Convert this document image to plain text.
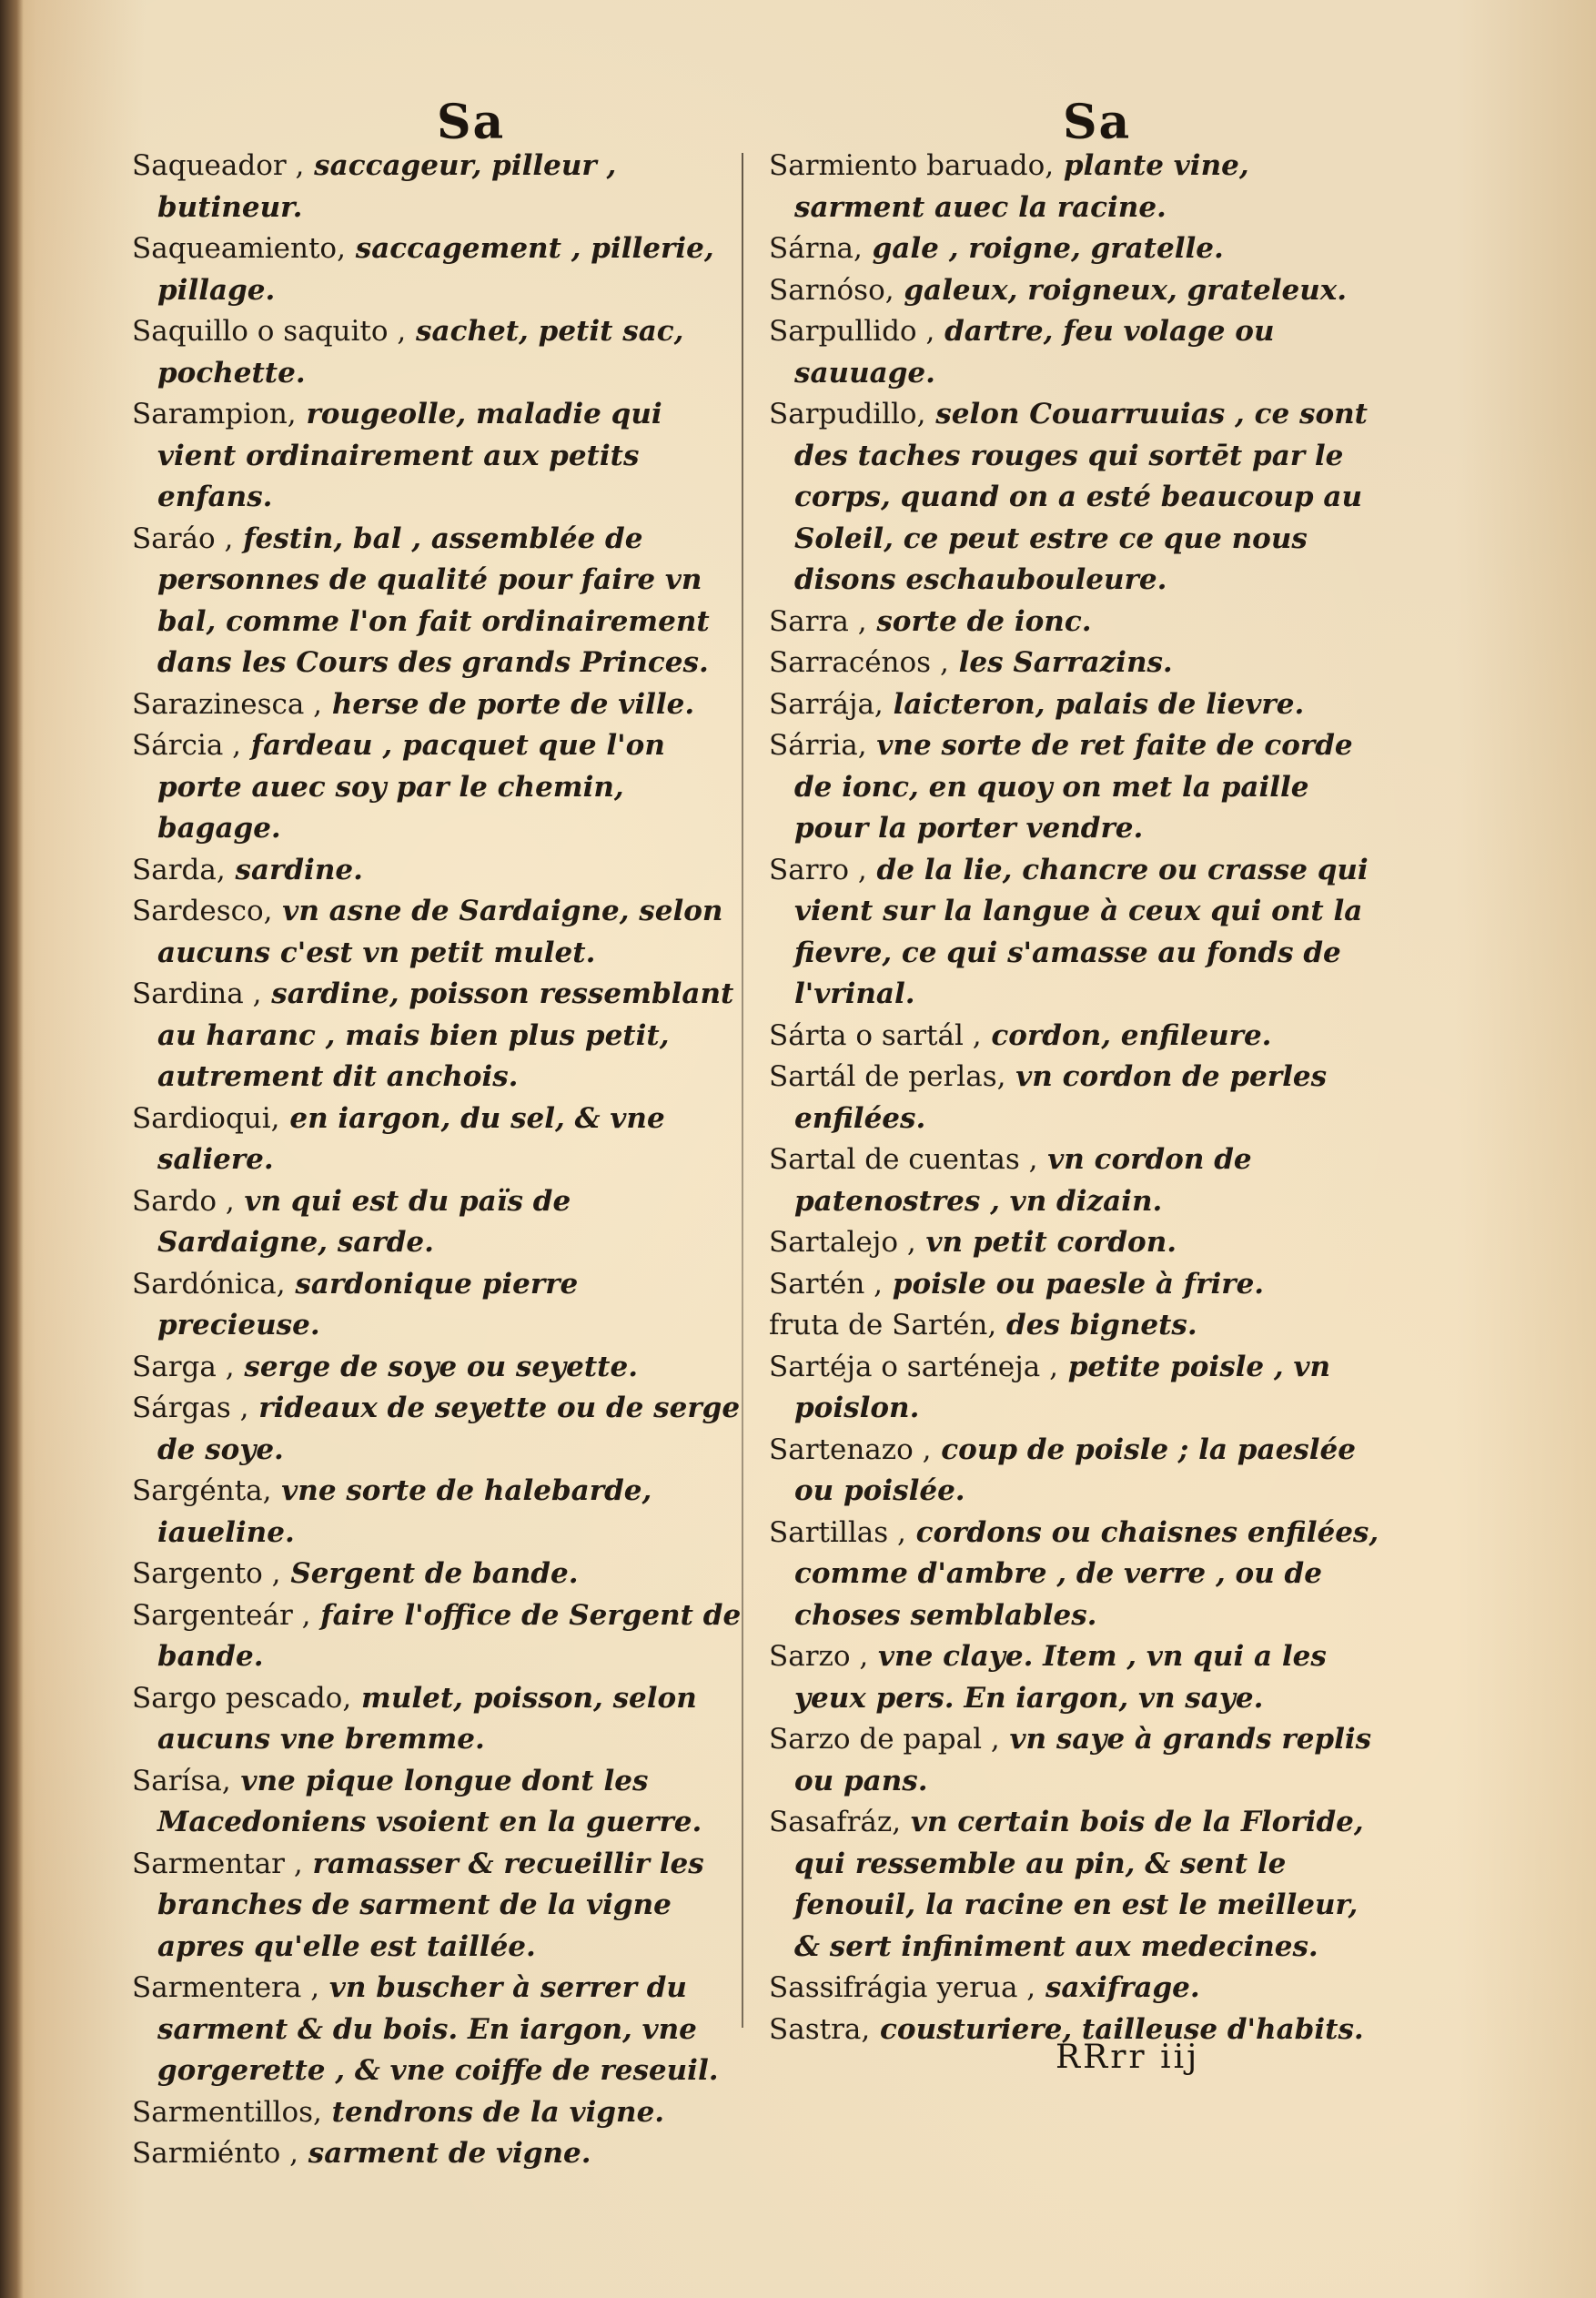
Sa	Sa

Saqueador , saccageur, pilleur , butineur.

Saqueamiento, saccagement , pillerie, pillage.

Saquillo o saquito , sachet, petit sac, pochette.

Sarampion, rougeolle, maladie qui vient ordinairement aux petits enfans.

Saráo , festin, bal , assemblée de personnes de qualité pour faire vn bal, comme l'on fait ordinairement dans les Cours des grands Princes.

Sarazinesca , herse de porte de ville.

Sárcia , fardeau , pacquet que l'on porte auec soy par le chemin, bagage.

Sarda, sardine.

Sardesco, vn asne de Sardaigne, selon aucuns c'est vn petit mulet.

Sardina , sardine, poisson ressemblant au haranc , mais bien plus petit, autrement dit anchois.

Sardioqui, en iargon, du sel, & vne saliere.

Sardo , vn qui est du païs de Sardaigne, sarde.

Sardónica, sardonique pierre precieuse.

Sarga , serge de soye ou seyette.

Sárgas , rideaux de seyette ou de serge de soye.

Sargénta, vne sorte de halebarde, iaueline.

Sargento , Sergent de bande.

Sargenteár , faire l'office de Sergent de bande.

Sargo pescado, mulet, poisson, selon aucuns vne bremme.

Sarísa, vne pique longue dont les Macedoniens vsoient en la guerre.

Sarmentar , ramasser & recueillir les branches de sarment de la vigne apres qu'elle est taillée.

Sarmentera , vn buscher à serrer du sarment & du bois. En iargon, vne gorgerette , & vne coiffe de reseuil.

Sarmentillos, tendrons de la vigne.

Sarmiénto , sarment de vigne.

Sarmiento baruado, plante vine, sarment auec la racine.

Sárna, gale , roigne, gratelle.

Sarnóso, galeux, roigneux, grateleux.

Sarpullido , dartre, feu volage ou sauuage.

Sarpudillo, selon Couarruuias , ce sont des taches rouges qui sortēt par le corps, quand on a esté beaucoup au Soleil, ce peut estre ce que nous disons eschaubouleure.

Sarra , sorte de ionc.

Sarracénos , les Sarrazins.

Sarrája, laicteron, palais de lievre.

Sárria, vne sorte de ret faite de corde de ionc, en quoy on met la paille pour la porter vendre.

Sarro , de la lie, chancre ou crasse qui vient sur la langue à ceux qui ont la fievre, ce qui s'amasse au fonds de l'vrinal.

Sárta o sartál , cordon, enfileure.

Sartál de perlas, vn cordon de perles enfilées.

Sartal de cuentas , vn cordon de patenostres , vn dizain.

Sartalejo , vn petit cordon.

Sartén , poisle ou paesle à frire.

fruta de Sartén, des bignets.

Sartéja o sarténeja , petite poisle , vn poislon.

Sartenazo , coup de poisle ; la paeslée ou poislée.

Sartillas , cordons ou chaisnes enfilées, comme d'ambre , de verre , ou de choses semblables.

Sarzo , vne claye. Item , vn qui a les yeux pers. En iargon, vn saye.

Sarzo de papal , vn saye à grands replis ou pans.

Sasafráz, vn certain bois de la Floride, qui ressemble au pin, & sent le fenouil, la racine en est le meilleur, & sert infiniment aux medecines.

Sassifrágia yerua , saxifrage.

Sastra, cousturiere, tailleuse d'habits.

RRrr iij
